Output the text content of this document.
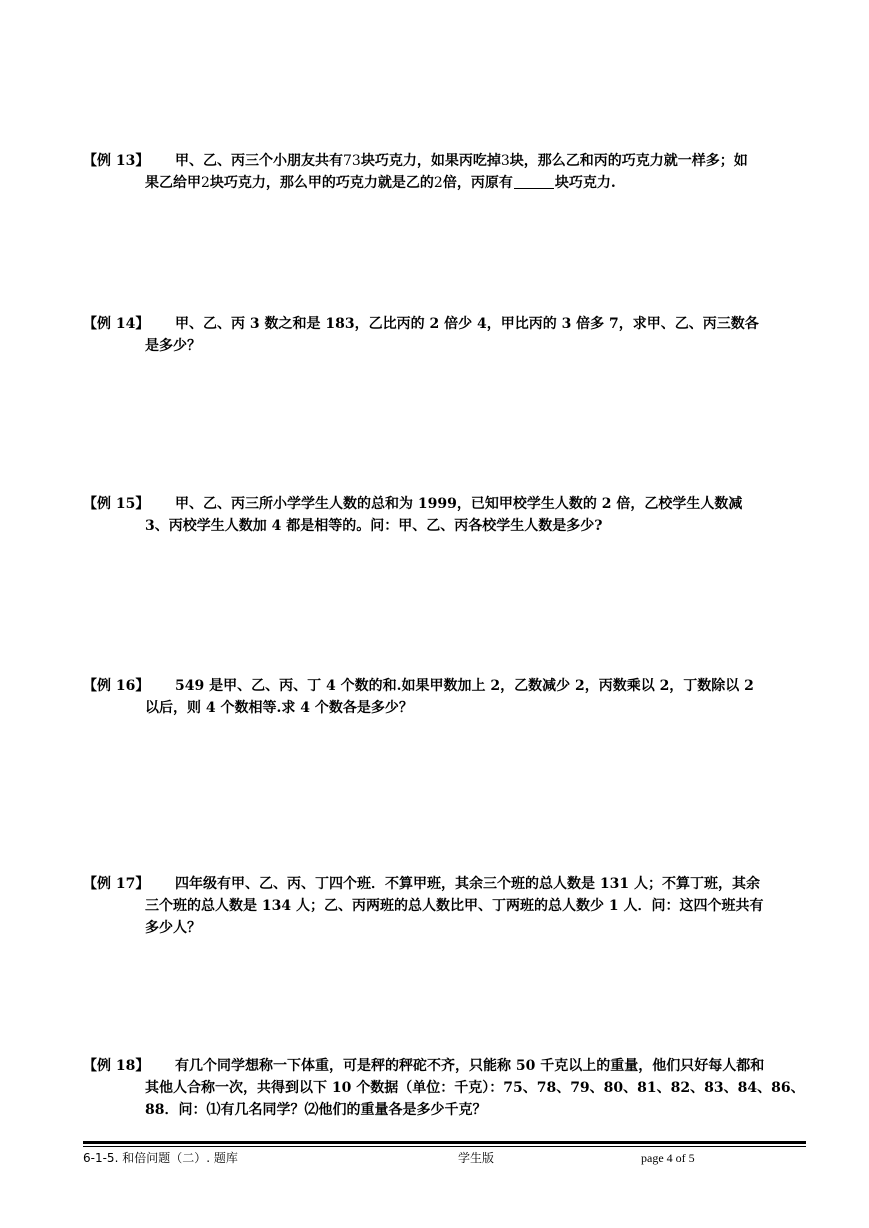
【例 13】 甲、乙、丙三个小朋友共有73块巧克力，如果丙吃掉3块，那么乙和丙的巧克力就一样多；如
果乙给甲2块巧克力，那么甲的巧克力就是乙的2倍，丙原有	块巧克力.
【例 14】 甲、乙、丙 3 数之和是 183，乙比丙的 2 倍少 4，甲比丙的 3 倍多 7，求甲、乙、丙三数各
是多少？
【例 15】 甲、乙、丙三所小学学生人数的总和为 1999，已知甲校学生人数的 2 倍，乙校学生人数减
3、丙校学生人数加 4 都是相等的。问：甲、乙、丙各校学生人数是多少?
【例 16】 549 是甲、乙、丙、丁 4 个数的和.如果甲数加上 2，乙数减少 2，丙数乘以 2，丁数除以 2
以后，则 4 个数相等.求 4 个数各是多少？
【例 17】 四年级有甲、乙、丙、丁四个班．不算甲班，其余三个班的总人数是 131 人；不算丁班，其余
三个班的总人数是 134 人；乙、丙两班的总人数比甲、丁两班的总人数少 1 人．问：这四个班共有
多少人？
【例 18】 有几个同学想称一下体重，可是秤的秤砣不齐，只能称 50 千克以上的重量，他们只好每人都和
其他人合称一次，共得到以下 10 个数据（单位：千克）：75、78、79、80、81、82、83、84、86、
88．问：⑴有几名同学？⑵他们的重量各是多少千克？
6-1-5. 和倍问题（二）. 题库	学生版	page 4 of 5
